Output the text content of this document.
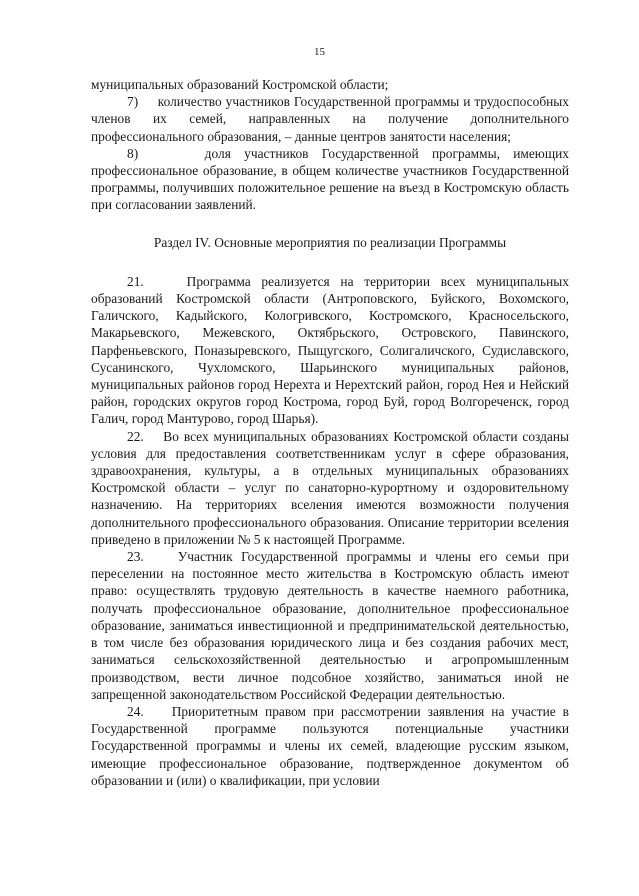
15

муниципальных образований Костромской области;

7)     количество участников Государственной программы и трудоспособных членов их семей, направленных на получение дополнительного профессионального образования, – данные центров занятости населения;

8)     доля участников Государственной программы, имеющих профессиональное образование, в общем количестве участников Государственной программы, получивших положительное решение на въезд в Костромскую область при согласовании заявлений.

Раздел IV. Основные мероприятия по реализации Программы

21.    Программа реализуется на территории всех муниципальных образований Костромской области (Антроповского, Буйского, Вохомского, Галичского, Кадыйского, Кологривского, Костромского, Красносельского, Макарьевского, Межевского, Октябрьского, Островского, Павинского, Парфеньевского, Поназыревского, Пыщугского, Солигаличского, Судиславского, Сусанинского, Чухломского, Шарьинского муниципальных районов, муниципальных районов город Нерехта и Нерехтский район, город Нея и Нейский район, городских округов город Кострома, город Буй, город Волгореченск, город Галич, город Мантурово, город Шарья).

22.    Во всех муниципальных образованиях Костромской области созданы условия для предоставления соответственникам услуг в сфере образования, здравоохранения, культуры, а в отдельных муниципальных образованиях Костромской области – услуг по санаторно-курортному и оздоровительному назначению. На территориях вселения имеются возможности получения дополнительного профессионального образования. Описание территории вселения приведено в приложении № 5 к настоящей Программе.

23.    Участник Государственной программы и члены его семьи при переселении на постоянное место жительства в Костромскую область имеют право: осуществлять трудовую деятельность в качестве наемного работника, получать профессиональное образование, дополнительное профессиональное образование, заниматься инвестиционной и предпринимательской деятельностью, в том числе без образования юридического лица и без создания рабочих мест, заниматься сельскохозяйственной деятельностью и агропромышленным производством, вести личное подсобное хозяйство, заниматься иной не запрещенной законодательством Российской Федерации деятельностью.

24.    Приоритетным правом при рассмотрении заявления на участие в Государственной программе пользуются потенциальные участники Государственной программы и члены их семей, владеющие русским языком, имеющие профессиональное образование, подтвержденное документом об образовании и (или) о квалификации, при условии
